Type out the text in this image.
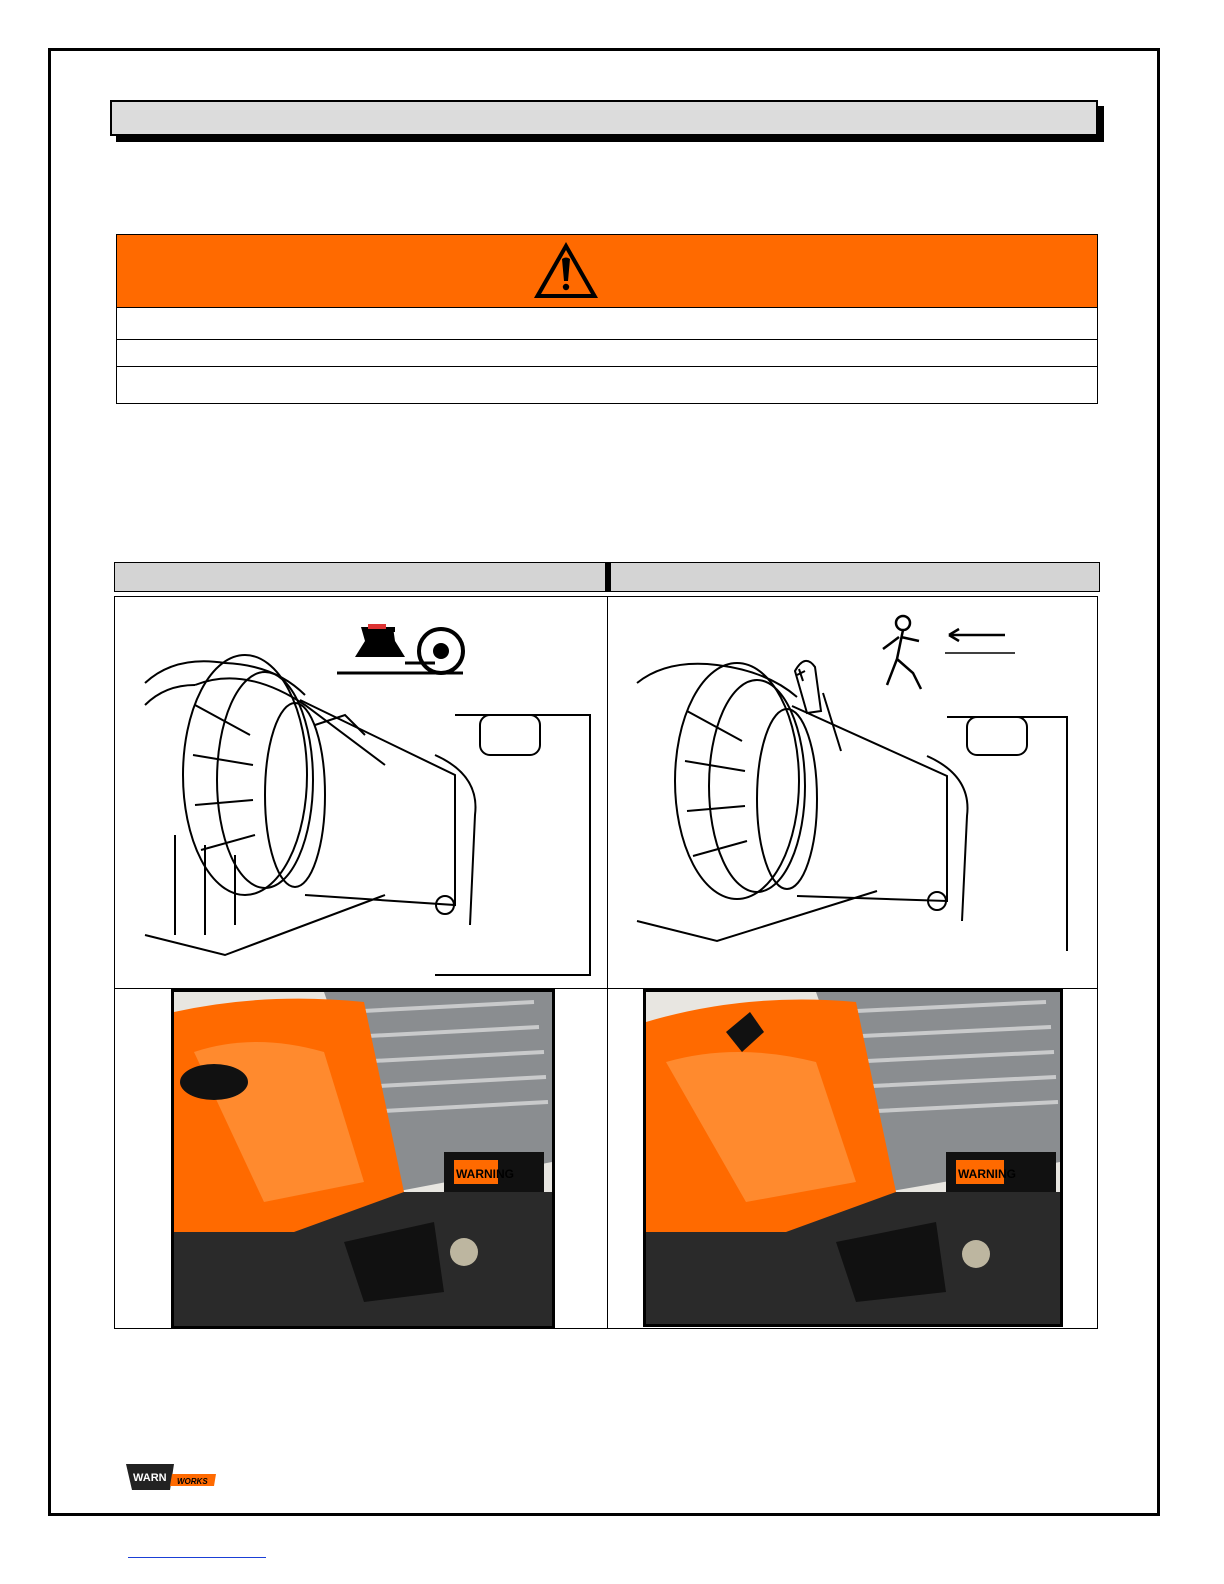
WARNING	WARNING
WARN WORKS
